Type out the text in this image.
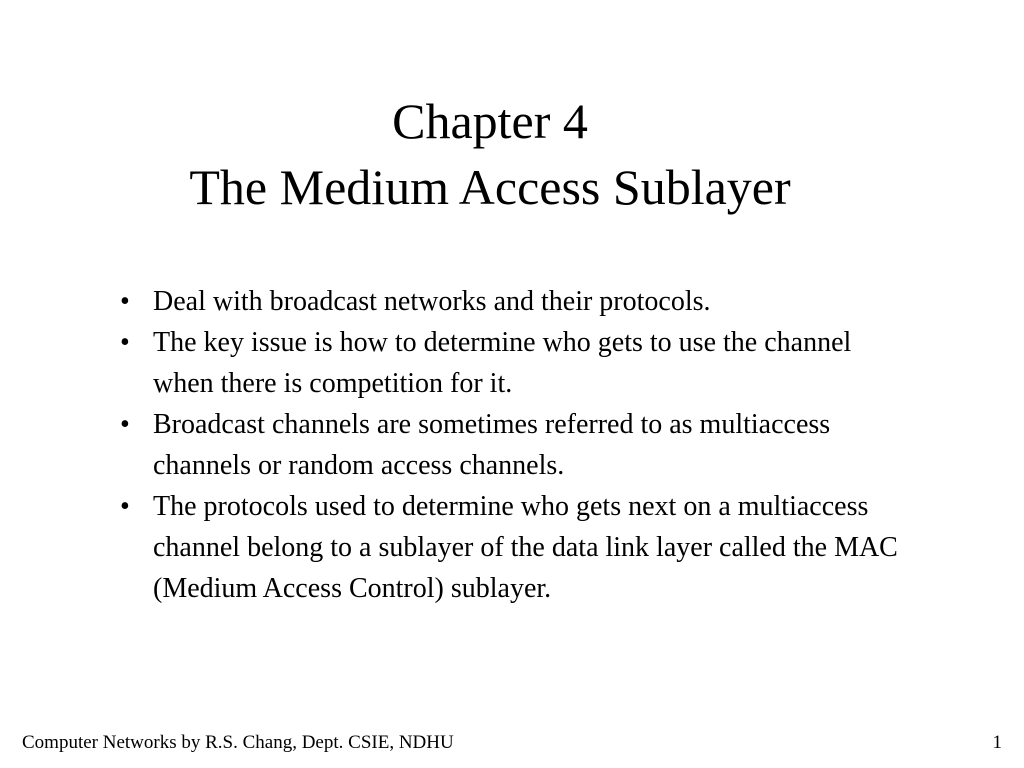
Chapter 4

The Medium Access Sublayer

• Deal with broadcast networks and their protocols.
• The key issue is how to determine who gets to use the channel when there is competition for it.
• Broadcast channels are sometimes referred to as multiaccess channels or random access channels.
• The protocols used to determine who gets next on a multiaccess channel belong to a sublayer of the data link layer called the MAC (Medium Access Control) sublayer.
Computer Networks by R.S. Chang, Dept. CSIE, NDHU	1
